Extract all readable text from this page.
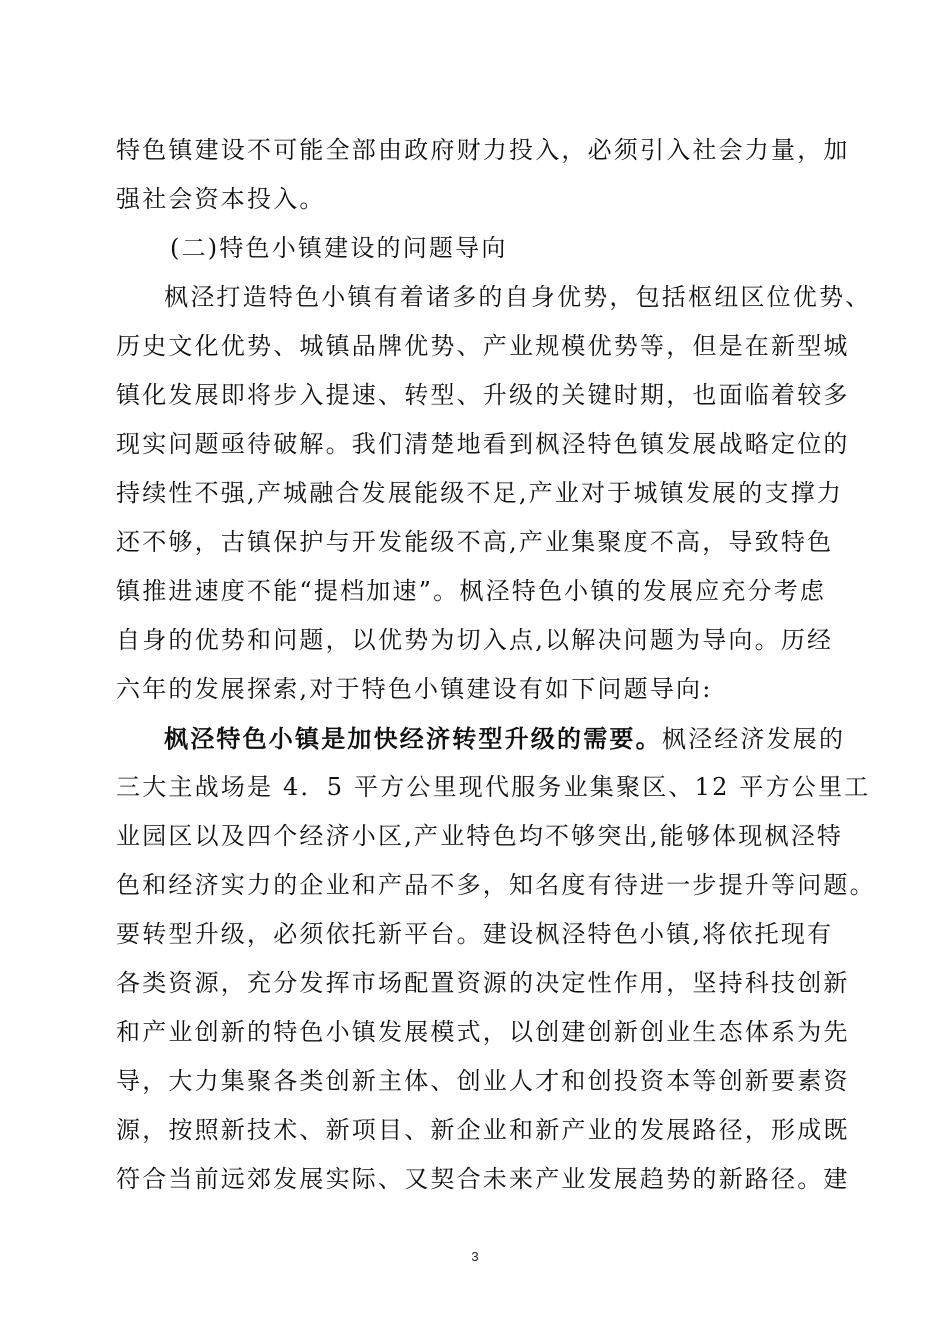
特色镇建设不可能全部由政府财力投入，必须引入社会力量，加
强社会资本投入。
(二)特色小镇建设的问题导向
枫泾打造特色小镇有着诸多的自身优势，包括枢纽区位优势、
历史文化优势、城镇品牌优势、产业规模优势等，但是在新型城
镇化发展即将步入提速、转型、升级的关键时期，也面临着较多
现实问题亟待破解。我们清楚地看到枫泾特色镇发展战略定位的
持续性不强,产城融合发展能级不足,产业对于城镇发展的支撑力
还不够，古镇保护与开发能级不高,产业集聚度不高，导致特色
镇推进速度不能“提档加速”。枫泾特色小镇的发展应充分考虑
自身的优势和问题，以优势为切入点,以解决问题为导向。历经
六年的发展探索,对于特色小镇建设有如下问题导向:
枫泾特色小镇是加快经济转型升级的需要。枫泾经济发展的
三大主战场是 4．5 平方公里现代服务业集聚区、12 平方公里工
业园区以及四个经济小区,产业特色均不够突出,能够体现枫泾特
色和经济实力的企业和产品不多，知名度有待进一步提升等问题。
要转型升级，必须依托新平台。建设枫泾特色小镇,将依托现有
各类资源，充分发挥市场配置资源的决定性作用，坚持科技创新
和产业创新的特色小镇发展模式，以创建创新创业生态体系为先
导，大力集聚各类创新主体、创业人才和创投资本等创新要素资
源，按照新技术、新项目、新企业和新产业的发展路径，形成既
符合当前远郊发展实际、又契合未来产业发展趋势的新路径。建
3
